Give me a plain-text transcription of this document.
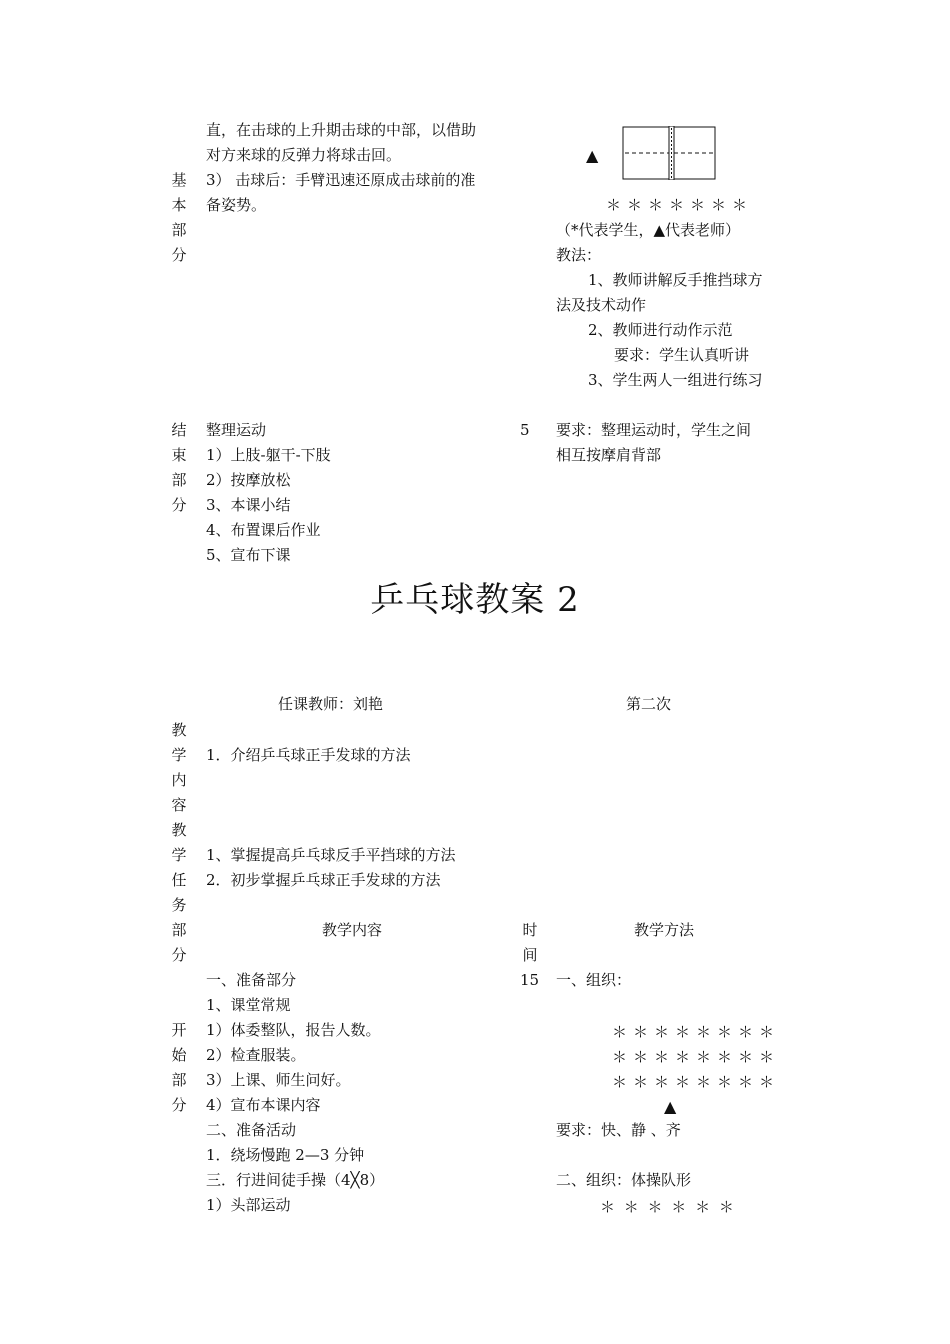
直，在击球的上升期击球的中部，以借助
对方来球的反弹力将球击回。
3） 击球后：手臂迅速还原成击球前的准
备姿势。
基
本
部
分
▲
＊＊＊＊＊＊＊
（*代表学生，▲代表老师）
教法：
1、教师讲解反手推挡球方
法及技术动作
2、教师进行动作示范
要求：学生认真听讲
3、学生两人一组进行练习
结
束
部
分
整理运动
1）上肢-躯干-下肢
2）按摩放松
3、本课小结
4、布置课后作业
5、宣布下课
5 要求：整理运动时，学生之间
相互按摩肩背部
乒乓球教案 2
任课教师：刘艳	第二次
教
学
内
容
教
学
任
务
部
分
1．介绍乒乓球正手发球的方法
1、掌握提高乒乓球反手平挡球的方法
2．初步掌握乒乓球正手发球的方法
教学内容	时
间
教学方法
开
始
部
分
一、准备部分
1、课堂常规
1）体委整队，报告人数。
2）检查服装。
3）上课、师生问好。
4）宣布本课内容
二、准备活动
1．绕场慢跑 2—3 分钟
三．行进间徒手操（4╳8）
1）头部运动
15 一、组织：
＊＊＊＊＊＊＊＊
＊＊＊＊＊＊＊＊
＊＊＊＊＊＊＊＊
▲
要求：快、静 、齐
二、组织：体操队形
＊ ＊ ＊ ＊ ＊ ＊
